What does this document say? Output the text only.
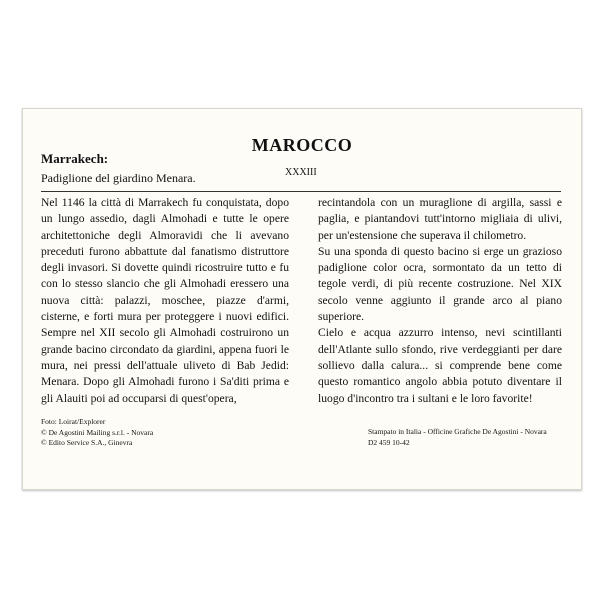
MAROCCO
Marrakech:
Padiglione del giardino Menara.	XXXIII

Nel 1146 la città di Marrakech fu conquistata, dopo un lungo assedio, dagli Almohadi e tutte le opere architettoniche degli Almoravidi che li avevano preceduti furono abbattute dal fanatismo distruttore degli invasori. Si dovette quindi ricostruire tutto e fu con lo stesso slancio che gli Almohadi eressero una nuova città: palazzi, moschee, piazze d'armi, cisterne, e forti mura per proteggere i nuovi edifici. Sempre nel XII secolo gli Almohadi costruirono un grande bacino circondato da giardini, appena fuori le mura, nei pressi dell'attuale uliveto di Bab Jedid: Menara. Dopo gli Almohadi furono i Sa'diti prima e gli Alauiti poi ad occuparsi di quest'opera,

recintandola con un muraglione di argilla, sassi e paglia, e piantandovi tutt'intorno migliaia di ulivi, per un'estensione che superava il chilometro.

Su una sponda di questo bacino si erge un grazioso padiglione color ocra, sormontato da un tetto di tegole verdi, di più recente costruzione. Nel XIX secolo venne aggiunto il grande arco al piano superiore.

Cielo e acqua azzurro intenso, nevi scintillanti dell'Atlante sullo sfondo, rive verdeggianti per dare sollievo dalla calura... si comprende bene come questo romantico angolo abbia potuto diventare il luogo d'incontro tra i sultani e le loro favorite!

Foto: Loirat/Explorer
© De Agostini Mailing s.r.l. - Novara
© Edito Service S.A., Ginevra
Stampato in Italia - Officine Grafiche De Agostini - Novara
D2 459 10-42
